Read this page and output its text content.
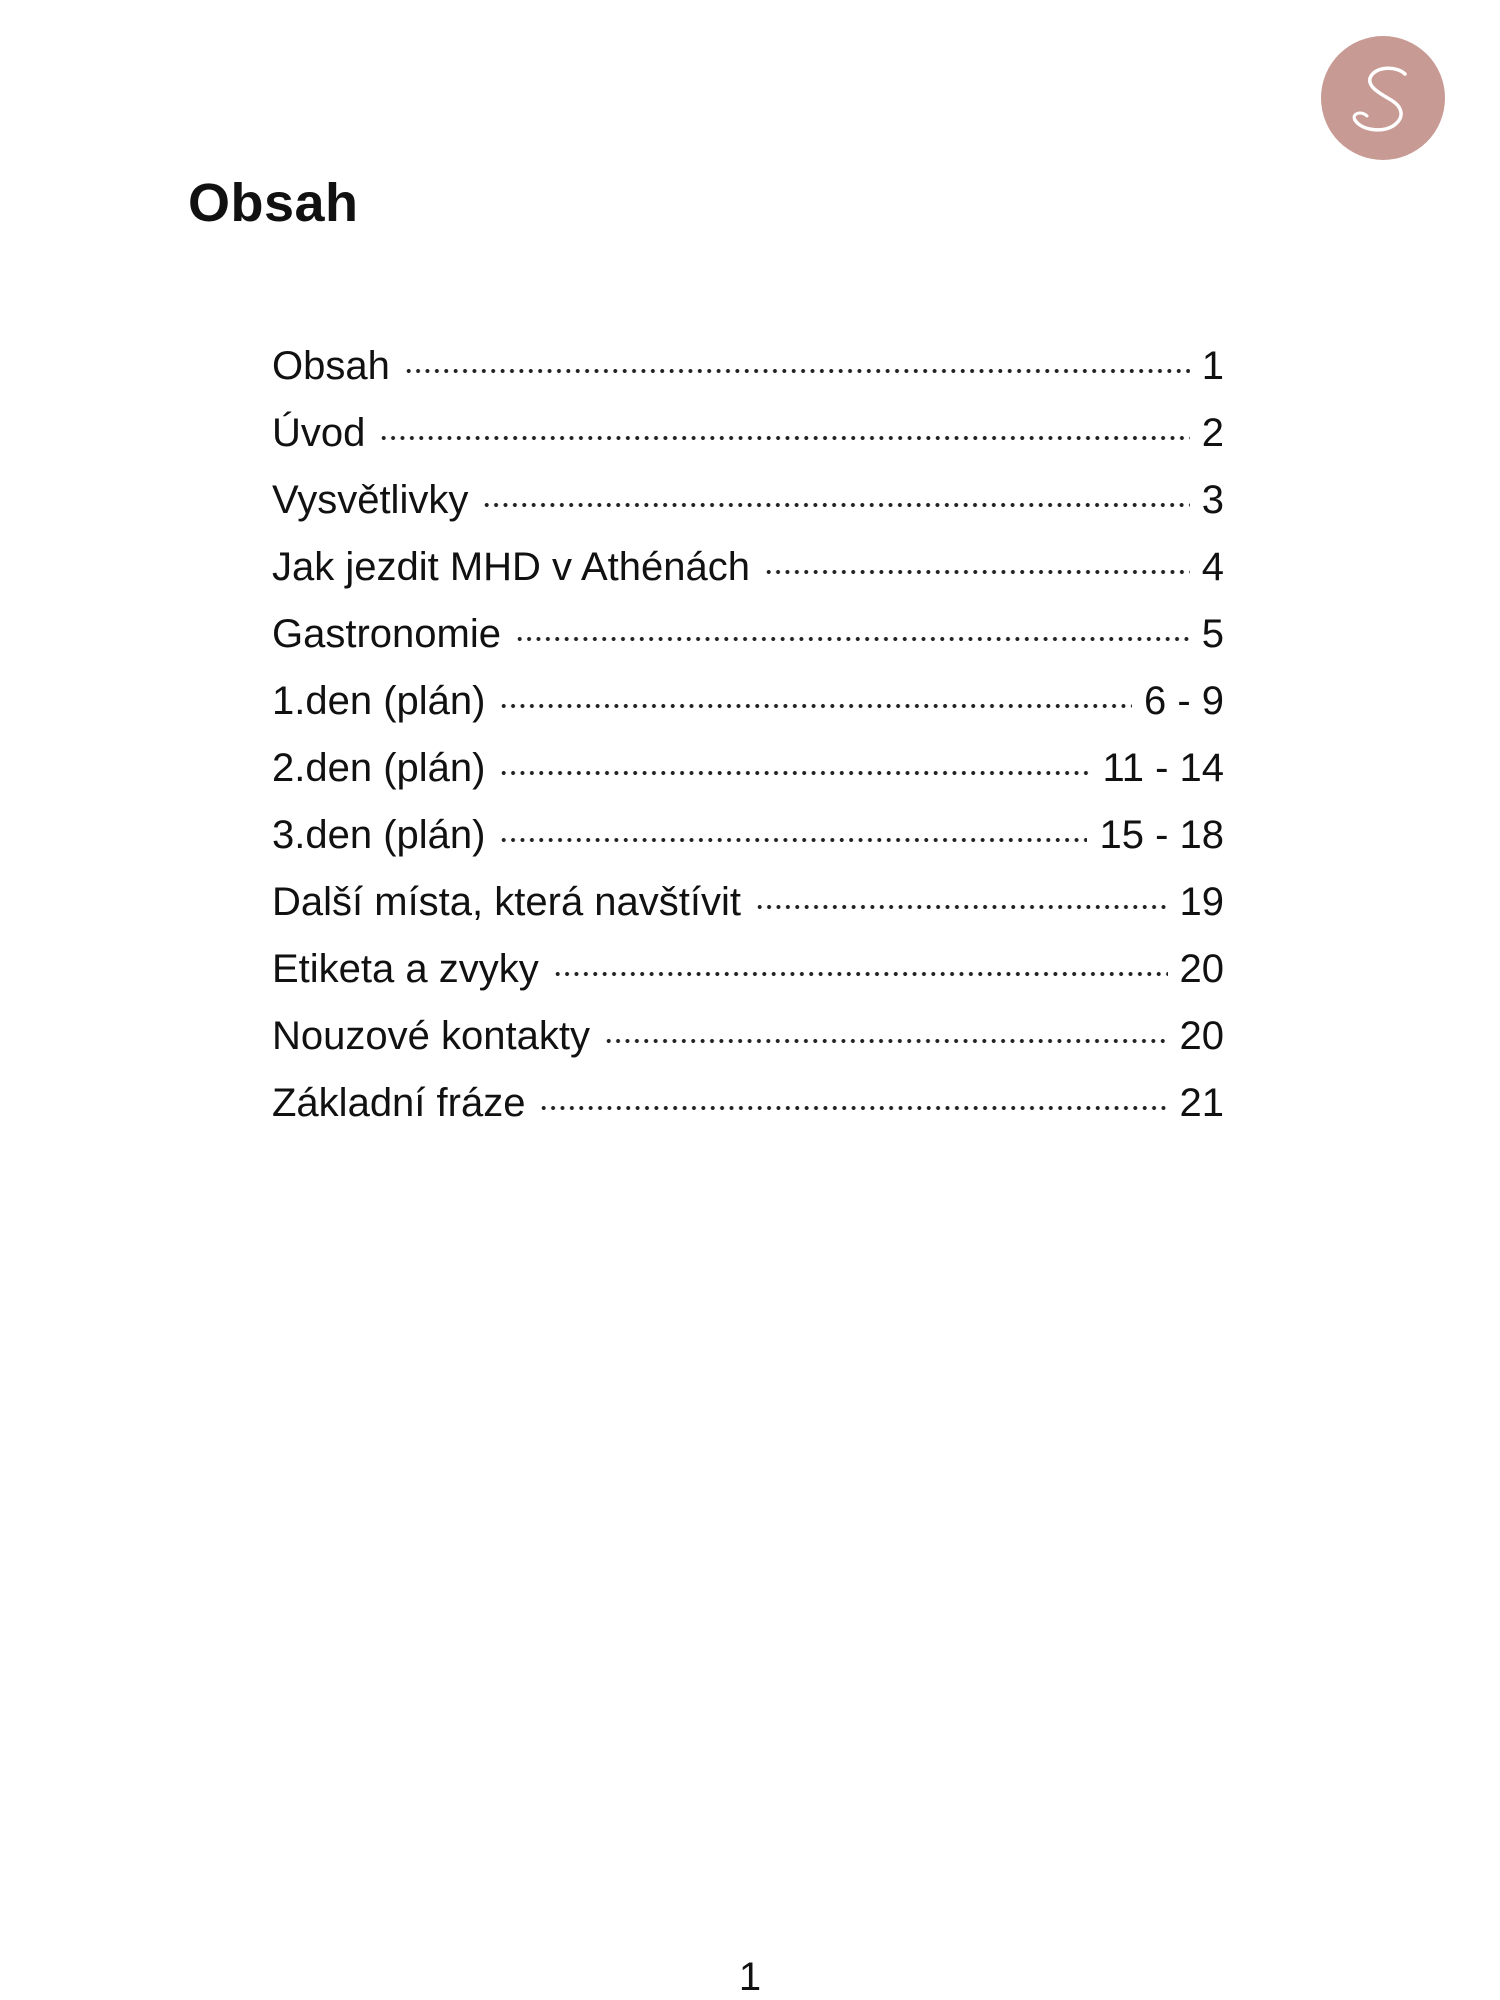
Obsah
Obsah	1
Úvod	2
Vysvětlivky	3
Jak jezdit MHD v Athénách	4
Gastronomie	5
1.den (plán)	6 - 9
2.den (plán)	11 - 14
3.den (plán)	15 - 18
Další místa, která navštívit	19
Etiketa a zvyky	20
Nouzové kontakty	20
Základní fráze	21
1
